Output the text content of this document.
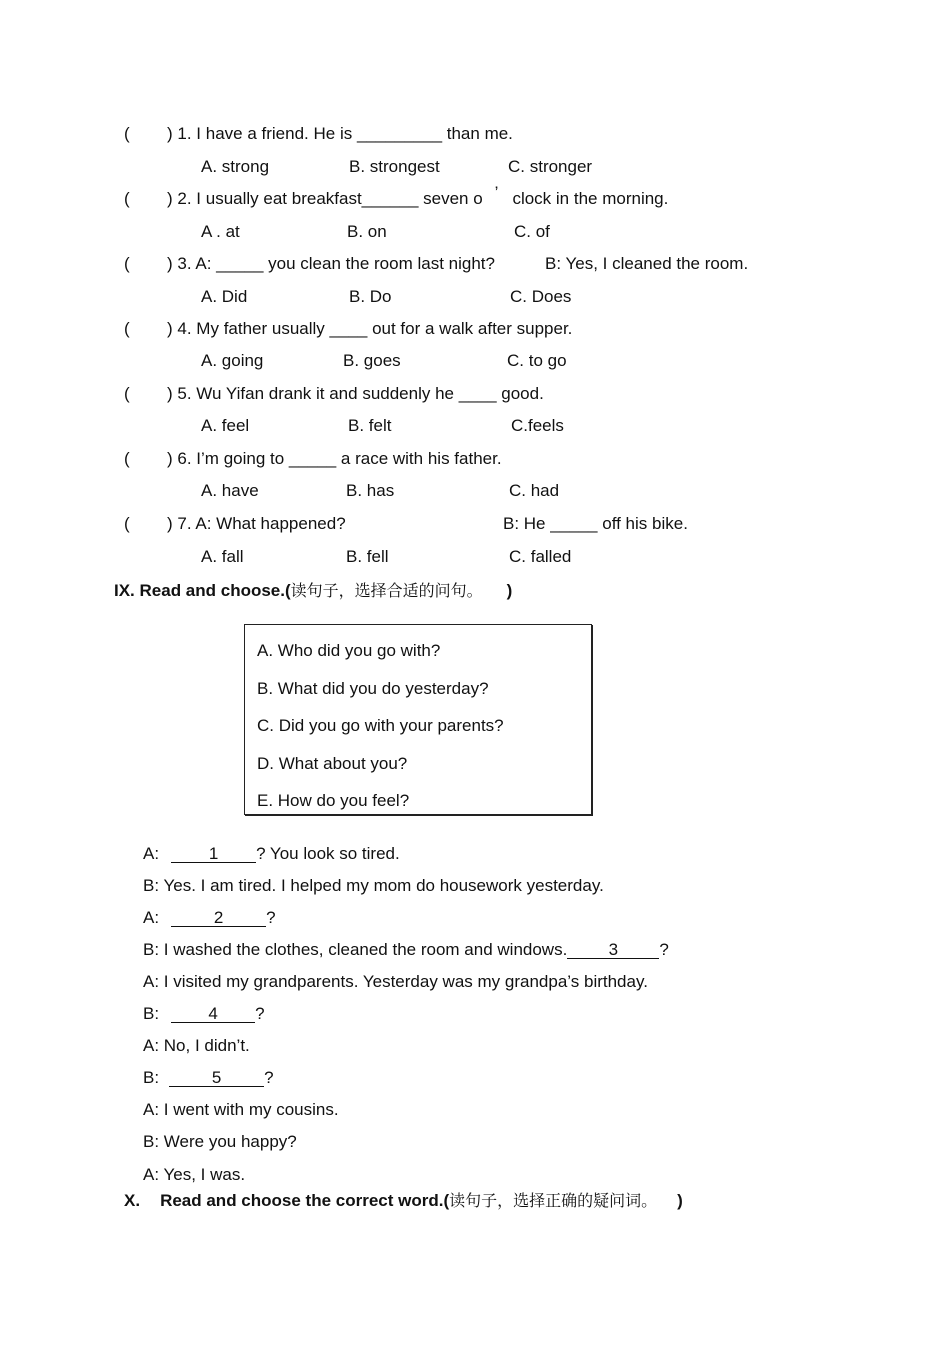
( ) 1. I have a friend. He is _________ than me.
A. strong	B. strongest	C. stronger
( ) 2. I usually eat breakfast______ seven o ’ clock in the morning.
A . at	B. on	C. of
( ) 3. A: _____ you clean the room last night?	B: Yes, I cleaned the room.
A. Did	B. Do	C. Does
( ) 4. My father usually ____ out for a walk after supper.
A. going	B. goes	C. to go
( ) 5. Wu Yifan drank it and suddenly he ____ good.
A. feel	B. felt	C.feels
( ) 6. I’m going to _____ a race with his father.
A. have	B. has	C. had
( ) 7. A: What happened?	B: He _____ off his bike.
A. fall	B. fell	C. falled
IX. Read and choose.(读句子，选择合适的问句。 )
A. Who did you go with?
B. What did you do yesterday?
C. Did you go with your parents?
D. What about you?
E. How do you feel?
A:	1 ? You look so tired.
B: Yes. I am tired. I helped my mom do housework yesterday.
A:	2	?
B: I washed the clothes, cleaned the room and windows. 3 ?
A: I visited my grandparents. Yesterday was my grandpa’s birthday.
B:	4 ?
A: No, I didn’t.
B:	5	?
A: I went with my cousins.
B: Were you happy?
A: Yes, I was.
X. Read and choose the correct word.(读句子，选择正确的疑问词。 )
